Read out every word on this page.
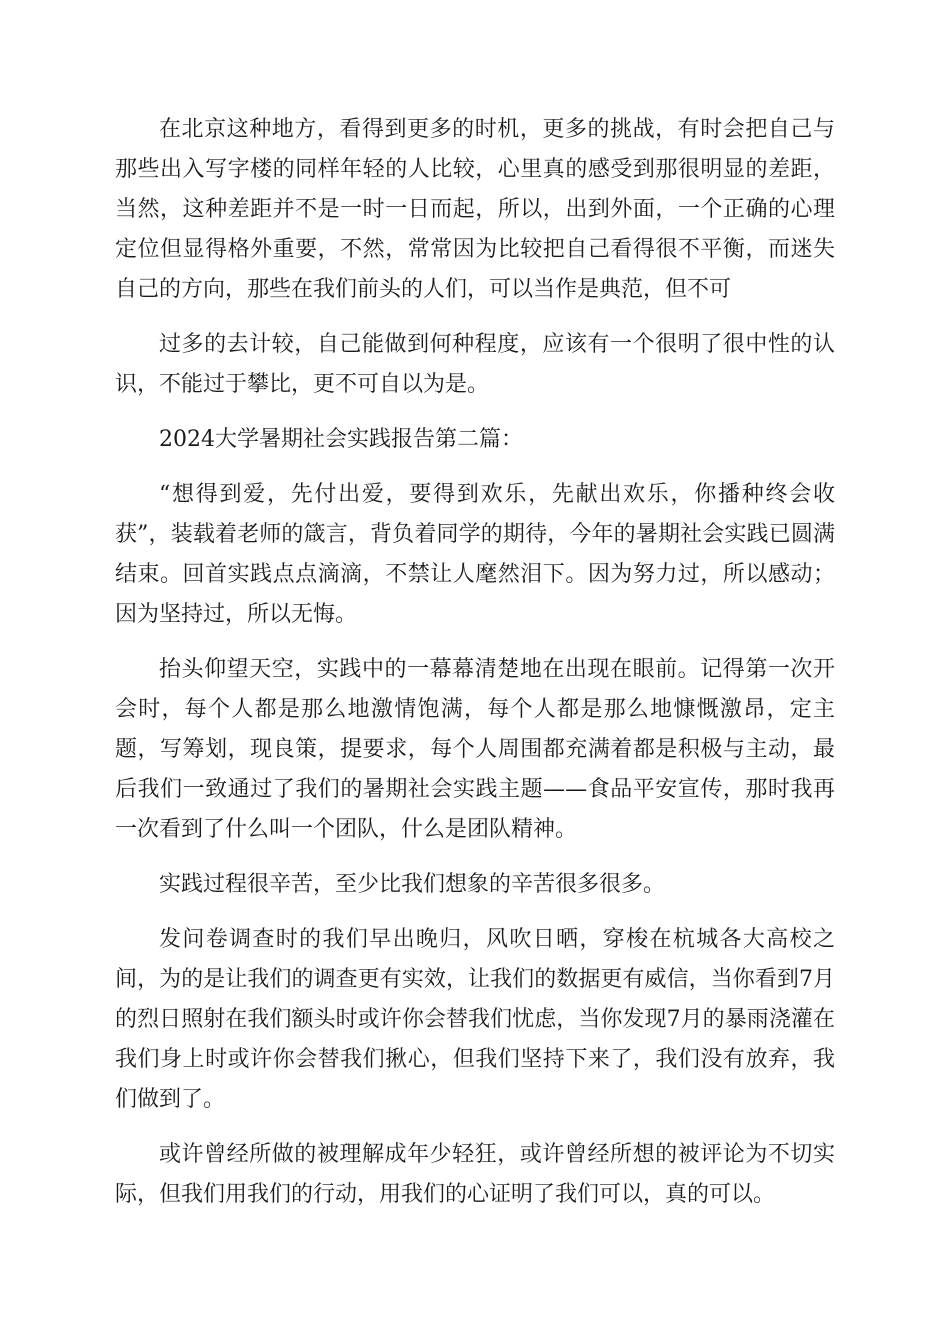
在北京这种地方，看得到更多的时机，更多的挑战，有时会把自己与那些出入写字楼的同样年轻的人比较，心里真的感受到那很明显的差距，当然，这种差距并不是一时一日而起，所以，出到外面，一个正确的心理定位但显得格外重要，不然，常常因为比较把自己看得很不平衡，而迷失自己的方向，那些在我们前头的人们，可以当作是典范，但不可

过多的去计较，自己能做到何种程度，应该有一个很明了很中性的认识，不能过于攀比，更不可自以为是。

2024大学暑期社会实践报告第二篇：

“想得到爱，先付出爱，要得到欢乐，先献出欢乐，你播种终会收获”，装载着老师的箴言，背负着同学的期待，今年的暑期社会实践已圆满结束。回首实践点点滴滴，不禁让人麾然泪下。因为努力过，所以感动；因为坚持过，所以无悔。

抬头仰望天空，实践中的一幕幕清楚地在出现在眼前。记得第一次开会时，每个人都是那么地激情饱满，每个人都是那么地慷慨激昂，定主题，写筹划，现良策，提要求，每个人周围都充满着都是积极与主动，最后我们一致通过了我们的暑期社会实践主题——食品平安宣传，那时我再一次看到了什么叫一个团队，什么是团队精神。

实践过程很辛苦，至少比我们想象的辛苦很多很多。

发问卷调查时的我们早出晚归，风吹日晒，穿梭在杭城各大高校之间，为的是让我们的调查更有实效，让我们的数据更有威信，当你看到7月的烈日照射在我们额头时或许你会替我们忧虑，当你发现7月的暴雨浇灌在我们身上时或许你会替我们揪心，但我们坚持下来了，我们没有放弃，我们做到了。

或许曾经所做的被理解成年少轻狂，或许曾经所想的被评论为不切实际，但我们用我们的行动，用我们的心证明了我们可以，真的可以。
